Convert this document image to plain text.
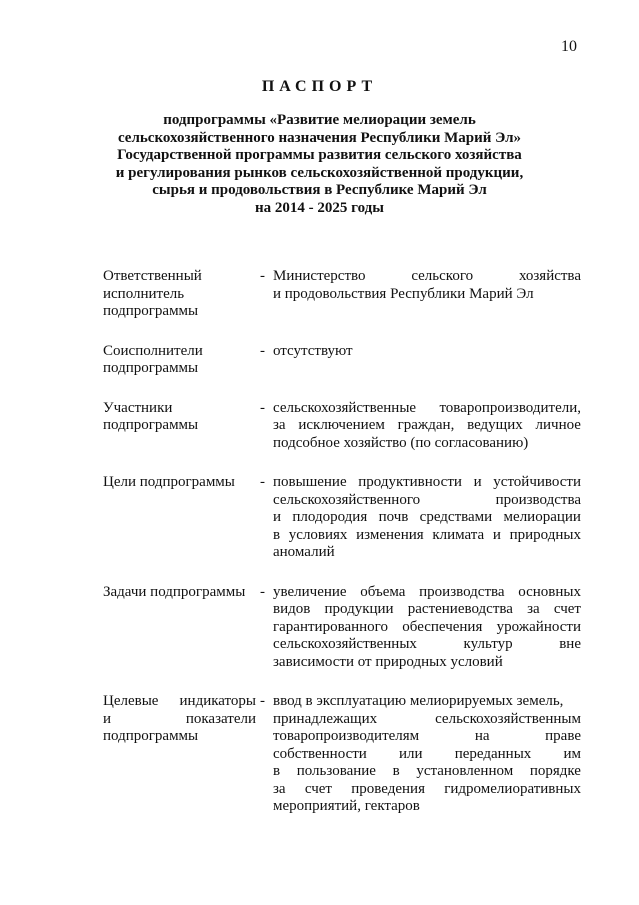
10
ПАСПОРТ
подпрограммы «Развитие мелиорации земель
сельскохозяйственного назначения Республики Марий Эл»
Государственной программы развития сельского хозяйства
и регулирования рынков сельскохозяйственной продукции,
сырья и продовольствия в Республике Марий Эл
на 2014 - 2025 годы
Ответственный
исполнитель
подпрограммы
- Министерство	сельского	хозяйства
и продовольствия Республики Марий Эл
Соисполнители
подпрограммы
- отсутствуют
Участники
подпрограммы
- сельскохозяйственные товаропроизводители,
за исключением граждан, ведущих личное
подсобное хозяйство (по согласованию)
Цели подпрограммы	- повышение продуктивности и устойчивости
сельскохозяйственного	производства
и плодородия почв средствами мелиорации
в условиях изменения климата и природных
аномалий
Задачи подпрограммы - увеличение объема производства основных
видов продукции растениеводства за счет
гарантированного обеспечения урожайности
сельскохозяйственных	культур	вне
зависимости от природных условий
Целевые индикаторы
и	показатели
подпрограммы
- ввод в эксплуатацию мелиорируемых земель,
принадлежащих	сельскохозяйственным
товаропроизводителям	на	праве
собственности или переданных им
в пользование в установленном порядке
за счет проведения гидромелиоративных
мероприятий, гектаров
